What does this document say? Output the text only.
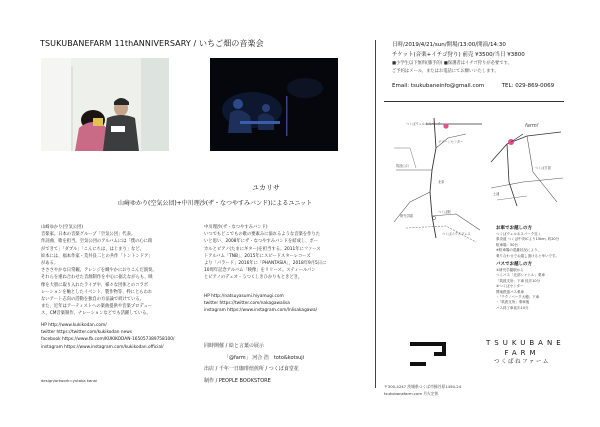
TSUKUBANEFARM 11thANNIVERSARY / いちご畑の音楽会
ユカリサ
山﨑ゆかり(空気公団)+中川理沙(ザ・なつやすみバンド)によるユニット

山﨑ゆかり(空気公団)

音楽家。日本の音楽グループ「空気公団」代表。

作詞曲、歌を担当。空気公団のアルバムには「僕の心に街

ができて」「ダブル」「こんにちは、はじまり」など。

絵本には、福本作家・荒井良二との共作「トントンドア」

がある。

さささやかな日常観。アレンジを織やかにおりこんだ演奏。

それらを重ね合わせた音源制作を中心に据えながらも、映

像を大胆に取り入れたライブや、様々な団体とのコラボ

レーションを軸としたイベント、製作物等、枠にとらわれ

ないアート志向の活動を独自の方法論で続けている。

また、近年はアーティストへの楽曲提供や音楽プロデュー

ス、CM音楽制作、ナレーションなどでも活躍している。

中川理沙(ザ・なつやすみバンド)

いつでもどこでもの歌の要素みに溢れるような音楽を作りた

いと思い、2008年にザ・なつやすみバンドを結成し、ボー

カルとピアノ(たまにギター)を担当する。2011年にファース

トアルバム「TNB」、2015年にスピードスターレコーズ

より「パラード」2016年に「PHANTASIA」、2018年9月5日に

10周年記念アルバム「映像」をリリース。スティールパン

とピアノのデュオ・うつくしきひかりもときどき。

HP http://natsuyasumi.hiyamugi.com
twitter https://twitter.com/nakagawalisa
instagram https://www.instagram.com/lnlisakagawa/
HP http://www.kukikodan.com/
twitter https://twitter.com/kukikodan news
facebook https://www.fb.com/KUKIKODAN-165057389758100/
instagram https://www.instagram.com/kukikodan.official/
design/artwork=yutaka kanai
同時開催 / 絵と言葉の展示
「@farm」 河合 浩　toto&kotsuji
出店 / 千年一日珈琲焙煎所 / つくば食堂花
制作 / PEOPLE BOOKSTORE
日時/2019/4/21/sun/開場/13:00/開演/14:30
チケット(音楽+イチゴ狩り) 前売 ¥3500/当日 ¥3800
■小学生以下無料(膝手的) ■保護者はイチゴ狩りが必要です。
ご予約はメール、またはお電話にてお願いいたします。
Email: tsukubaneinfo@gmail.com	TEL: 029-869-0069
つくばウェルネスパーク
グリーンセンター
筑波山口
北条
つくば駅
研究学園
つくばエクスプレス
farm!
つくば方面
土浦
お車でお越しの方
つくばウェルネスパーク近く
県央道 つくば中央ICより15km, 約20分
駐車場：50台
※駐車場の混雑状況により、
乗り合わせでお越し頂けると幸いです。
バスでお越しの方
①研究学園駅から
つくバス「北部シャトル」乗車
「筑波支所」下車 徒歩10分
②つくばセンター
関東鉄道バス乗車
・「テクノパーク大穂」下車
・「筑波支所」乗車後
バス終了車徒歩10分
TSUKUBANE
FARM
つくばねファーム
〒300-4247 茨城県つくば市蜂谷原1494-24
tsukubanefarm.com 月火定休
